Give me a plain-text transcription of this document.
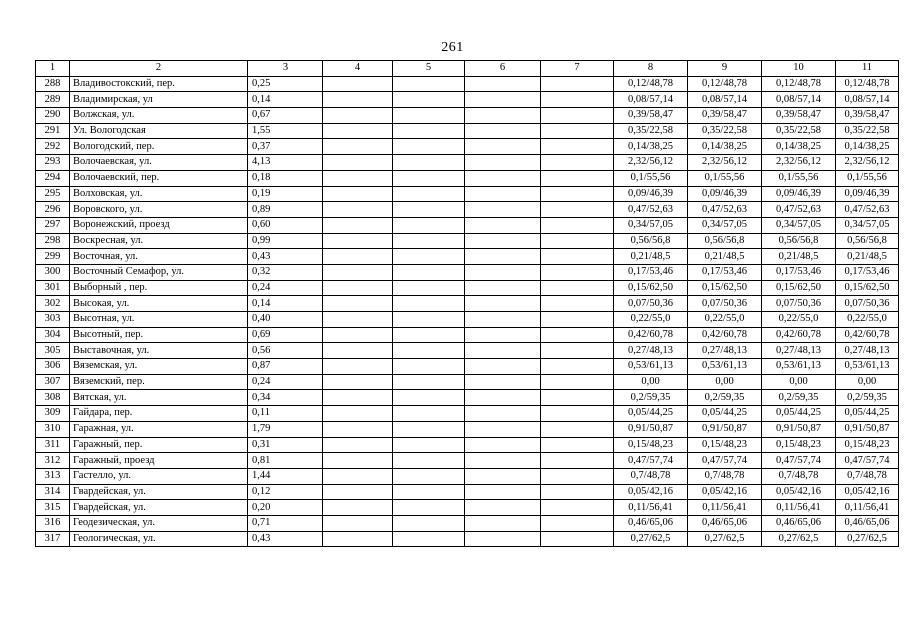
261
1	2	3	4	5	6	7	8	9	10	11
288	Владивостокский, пер.	0,25					0,12/48,78	0,12/48,78	0,12/48,78	0,12/48,78
289	Владимирская, ул	0,14					0,08/57,14	0,08/57,14	0,08/57,14	0,08/57,14
290	Волжская, ул.	0,67					0,39/58,47	0,39/58,47	0,39/58,47	0,39/58,47
291	Ул. Вологодская	1,55					0,35/22,58	0,35/22,58	0,35/22,58	0,35/22,58
292	Вологодский, пер.	0,37					0,14/38,25	0,14/38,25	0,14/38,25	0,14/38,25
293	Волочаевская, ул.	4,13					2,32/56,12	2,32/56,12	2,32/56,12	2,32/56,12
294	Волочаевский, пер.	0,18					0,1/55,56	0,1/55,56	0,1/55,56	0,1/55,56
295	Волховская, ул.	0,19					0,09/46,39	0,09/46,39	0,09/46,39	0,09/46,39
296	Воровского, ул.	0,89					0,47/52,63	0,47/52,63	0,47/52,63	0,47/52,63
297	Воронежский, проезд	0,60					0,34/57,05	0,34/57,05	0,34/57,05	0,34/57,05
298	Воскресная, ул.	0,99					0,56/56,8	0,56/56,8	0,56/56,8	0,56/56,8
299	Восточная, ул.	0,43					0,21/48,5	0,21/48,5	0,21/48,5	0,21/48,5
300	Восточный Семафор, ул.	0,32					0,17/53,46	0,17/53,46	0,17/53,46	0,17/53,46
301	Выборный , пер.	0,24					0,15/62,50	0,15/62,50	0,15/62,50	0,15/62,50
302	Высокая, ул.	0,14					0,07/50,36	0,07/50,36	0,07/50,36	0,07/50,36
303	Высотная, ул.	0,40					0,22/55,0	0,22/55,0	0,22/55,0	0,22/55,0
304	Высотный, пер.	0,69					0,42/60,78	0,42/60,78	0,42/60,78	0,42/60,78
305	Выставочная, ул.	0,56					0,27/48,13	0,27/48,13	0,27/48,13	0,27/48,13
306	Вяземская, ул.	0,87					0,53/61,13	0,53/61,13	0,53/61,13	0,53/61,13
307	Вяземский, пер.	0,24					0,00	0,00	0,00	0,00
308	Вятская, ул.	0,34					0,2/59,35	0,2/59,35	0,2/59,35	0,2/59,35
309	Гайдара, пер.	0,11					0,05/44,25	0,05/44,25	0,05/44,25	0,05/44,25
310	Гаражная, ул.	1,79					0,91/50,87	0,91/50,87	0,91/50,87	0,91/50,87
311	Гаражный, пер.	0,31					0,15/48,23	0,15/48,23	0,15/48,23	0,15/48,23
312	Гаражный, проезд	0,81					0,47/57,74	0,47/57,74	0,47/57,74	0,47/57,74
313	Гастелло, ул.	1,44					0,7/48,78	0,7/48,78	0,7/48,78	0,7/48,78
314	Гвардейская, ул.	0,12					0,05/42,16	0,05/42,16	0,05/42,16	0,05/42,16
315	Гвардейская, ул.	0,20					0,11/56,41	0,11/56,41	0,11/56,41	0,11/56,41
316	Геодезическая, ул.	0,71					0,46/65,06	0,46/65,06	0,46/65,06	0,46/65,06
317	Геологическая, ул.	0,43					0,27/62,5	0,27/62,5	0,27/62,5	0,27/62,5
